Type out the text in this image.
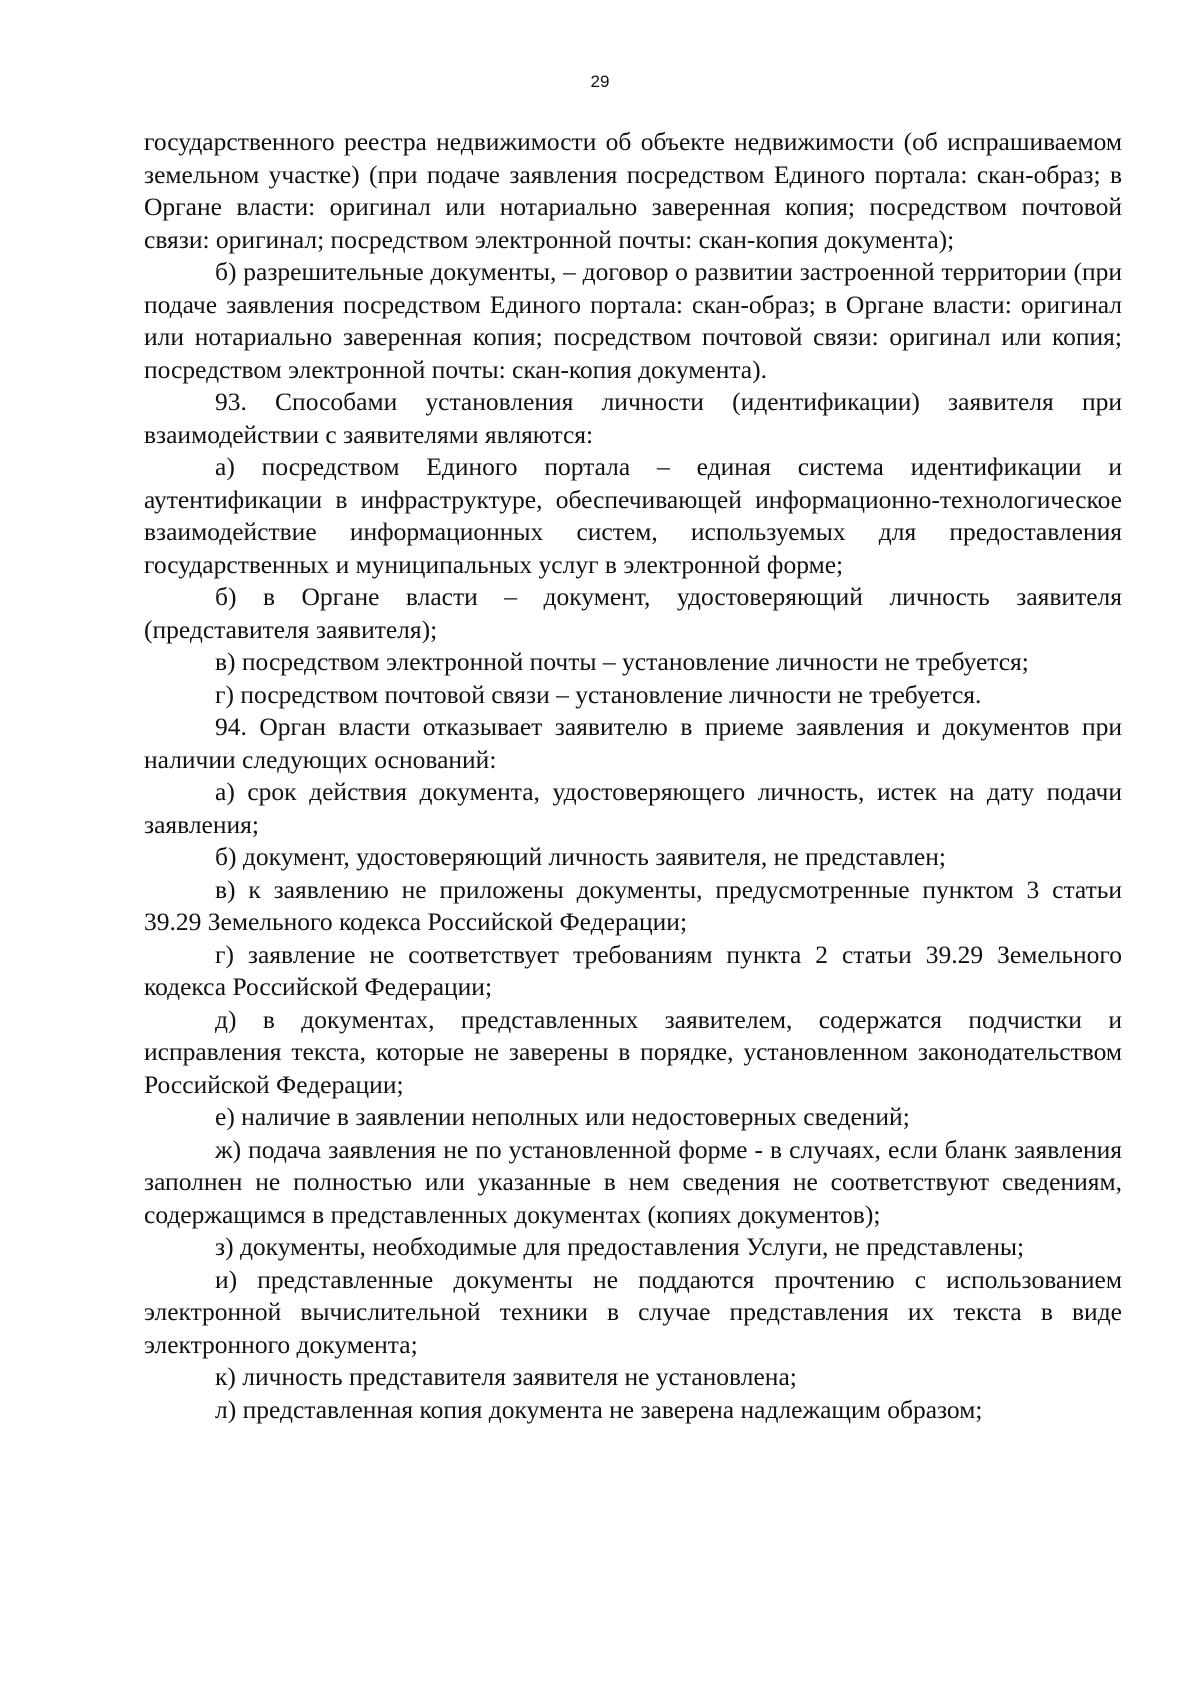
29

государственного реестра недвижимости об объекте недвижимости (об испрашиваемом земельном участке) (при подаче заявления посредством Единого портала: скан-образ; в Органе власти: оригинал или нотариально заверенная копия; посредством почтовой связи: оригинал; посредством электронной почты: скан-копия документа);

б) разрешительные документы, – договор о развитии застроенной территории (при подаче заявления посредством Единого портала: скан-образ; в Органе власти: оригинал или нотариально заверенная копия; посредством почтовой связи: оригинал или копия; посредством электронной почты: скан-копия документа).

93. Способами установления личности (идентификации) заявителя при взаимодействии с заявителями являются:

а) посредством Единого портала – единая система идентификации и аутентификации в инфраструктуре, обеспечивающей информационно-технологическое взаимодействие информационных систем, используемых для предоставления государственных и муниципальных услуг в электронной форме;

б) в Органе власти – документ, удостоверяющий личность заявителя (представителя заявителя);

в) посредством электронной почты – установление личности не требуется;

г) посредством почтовой связи – установление личности не требуется.

94. Орган власти отказывает заявителю в приеме заявления и документов при наличии следующих оснований:

а) срок действия документа, удостоверяющего личность, истек на дату подачи заявления;

б) документ, удостоверяющий личность заявителя, не представлен;

в) к заявлению не приложены документы, предусмотренные пунктом 3 статьи 39.29 Земельного кодекса Российской Федерации;

г) заявление не соответствует требованиям пункта 2 статьи 39.29 Земельного кодекса Российской Федерации;

д) в документах, представленных заявителем, содержатся подчистки и исправления текста, которые не заверены в порядке, установленном законодательством Российской Федерации;

е) наличие в заявлении неполных или недостоверных сведений;

ж) подача заявления не по установленной форме - в случаях, если бланк заявления заполнен не полностью или указанные в нем сведения не соответствуют сведениям, содержащимся в представленных документах (копиях документов);

з) документы, необходимые для предоставления Услуги, не представлены;

и) представленные документы не поддаются прочтению с использованием электронной вычислительной техники в случае представления их текста в виде электронного документа;

к) личность представителя заявителя не установлена;

л) представленная копия документа не заверена надлежащим образом;
